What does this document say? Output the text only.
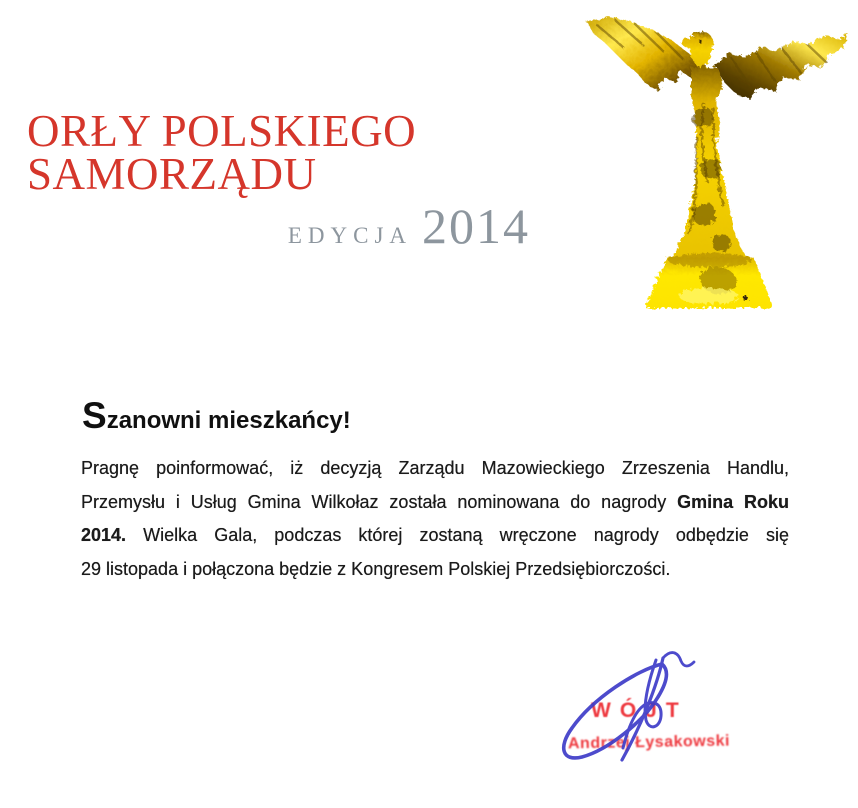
ORŁY POLSKIEGO
SAMORZĄDU
EDYCJA 2014
Szanowni mieszkańcy!
Pragnę poinformować, iż decyzją Zarządu Mazowieckiego Zrzeszenia Handlu,
Przemysłu i Usług Gmina Wilkołaz została nominowana do nagrody Gmina Roku
2014. Wielka Gala, podczas której zostaną wręczone nagrody odbędzie się
29 listopada i połączona będzie z Kongresem Polskiej Przedsiębiorczości.
WÓJT
Andrzej Łysakowski
